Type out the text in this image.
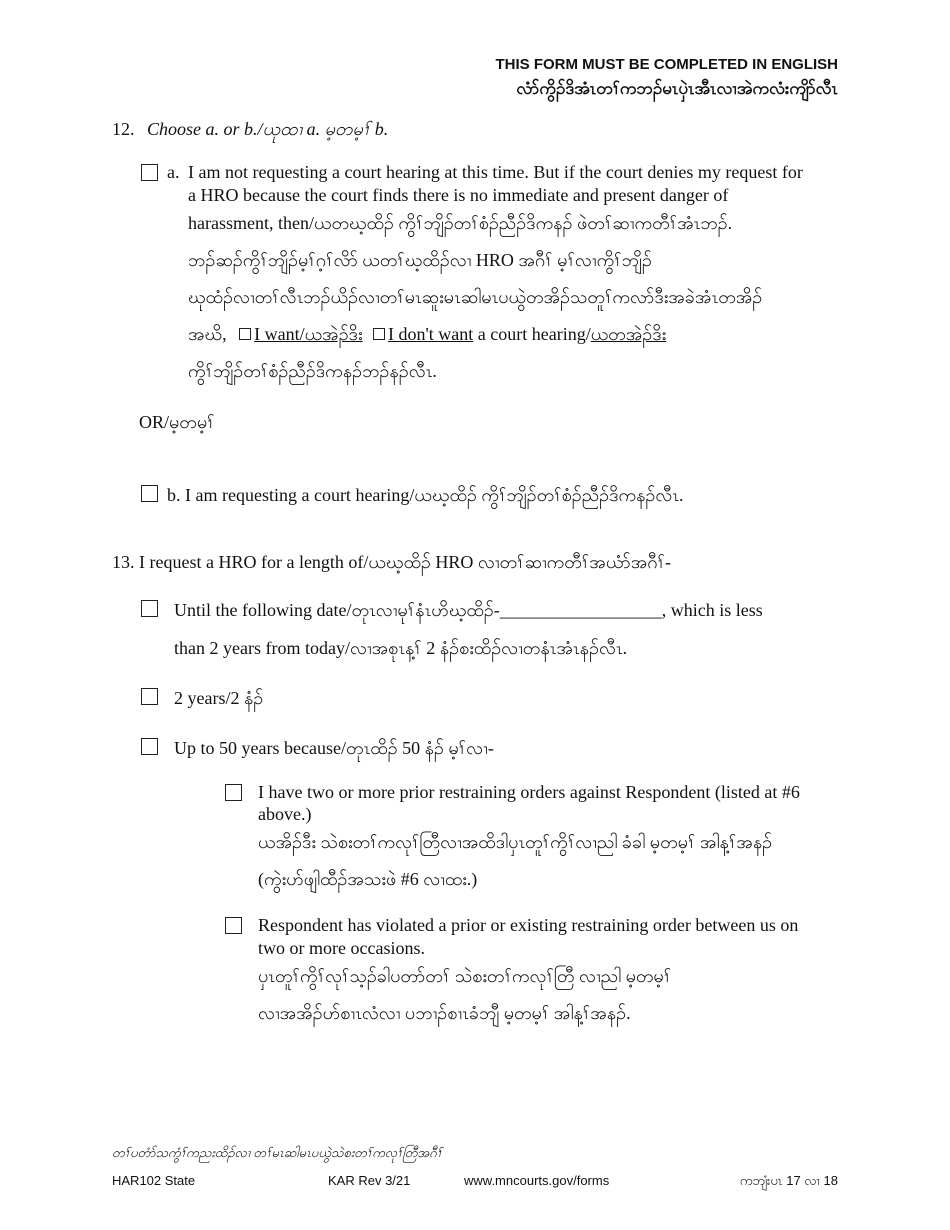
THIS FORM MUST BE COMPLETED IN ENGLISH
လံာ်ကွိၣ်ဒိအံၤတၢ်ကဘၣ်မၤပှဲၤအီၤလၢအဲကလံးကျိာ်လီၤ
12. Choose a. or b./ယုထၢ a. မ့တမ့ၢ် b.
a. I am not requesting a court hearing at this time. But if the court denies my request for
a HRO because the court finds there is no immediate and present danger of
harassment, then/ယတဃ့ထိၣ် ကွိၢ်ဘျိၣ်တၢ်စံၣ်ညီၣ်ဒိကနၣ် ဖဲတၢ်ဆၢကတီၢ်အံၤဘၣ်.
ဘၣ်ဆၣ်ကွိၢ်ဘျိၣ်မ့ၢ်ဂ့ၢ်လိာ် ယတၢ်ဃ့ထိၣ်လၢ HRO အဂီၢ် မ့ၢ်လၢကွိၢ်ဘျိၣ်
ဃုထံၣ်လၢတၢ်လီၤဘၣ်ယိၣ်လၢတၢ်မၤဆူးမၤဆါမၤပယွဲတအိၣ်သတူၢ်ကလာ်ဒီးအခဲအံၤတအိၣ်
အဃိ, I want/ယအဲၣ်ဒိး I don't want a court hearing/ယတအဲၣ်ဒိး
ကွိၢ်ဘျိၣ်တၢ်စံၣ်ညီၣ်ဒိကနၣ်ဘၣ်နၣ်လီၤ.
OR/မ့တမ့ၢ်
b. I am requesting a court hearing/ယဃ့ထိၣ် ကွိၢ်ဘျိၣ်တၢ်စံၣ်ညီၣ်ဒိကနၣ်လီၤ.
13. I request a HRO for a length of/ယဃ့ထိၣ် HRO လၢတၢ်ဆၢကတီၢ်အယံာ်အဂီၢ်-
Until the following date/တုၤလၢမုၢ်နံၤဟိဃ့ထိၣ်-__________________, which is less
than 2 years from today/လၢအစုၤန့ၢ် 2 နံၣ်စးထိၣ်လၢတနံၤအံၤနၣ်လီၤ.
2 years/2 နံၣ်
Up to 50 years because/တုၤထိၣ် 50 နံၣ် မ့ၢ်လၢ-
I have two or more prior restraining orders against Respondent (listed at #6
above.)
ယအိၣ်ဒီး သဲစးတၢ်ကလုၢ်တြီလၢအထိဒါပှၤတူၢ်ကွိၢ်လၢညါ ခံခါ မ့တမ့ၢ် အါန့ၢ်အနၣ်
(ကွဲးဟ်ဖျါထီၣ်အသးဖဲ #6 လၢထး.)
Respondent has violated a prior or existing restraining order between us on
two or more occasions.
ပှၤတူၢ်ကွိၢ်လုၢ်သ့ၣ်ခါပတာ်တၢ် သဲစးတၢ်ကလုၢ်တြီ လၢညါ မ့တမ့ၢ်
လၢအအိၣ်ဟ်စၢၤလံလၢ ပဘၢၣ်စၢၤခံဘျီ မ့တမ့ၢ် အါန့ၢ်အနၣ်.
တၢ်ပတံာ်သကွံၢ်ကညးထိၣ်လၢ တၢ်မၤဆါမၤပယွဲသဲစးတၢ်ကလုၢ်တြီအဂီၢ်
HAR102 State	KAR Rev 3/21	www.mncourts.gov/forms	ကဘျံးပၤ 17 လၢ 18
